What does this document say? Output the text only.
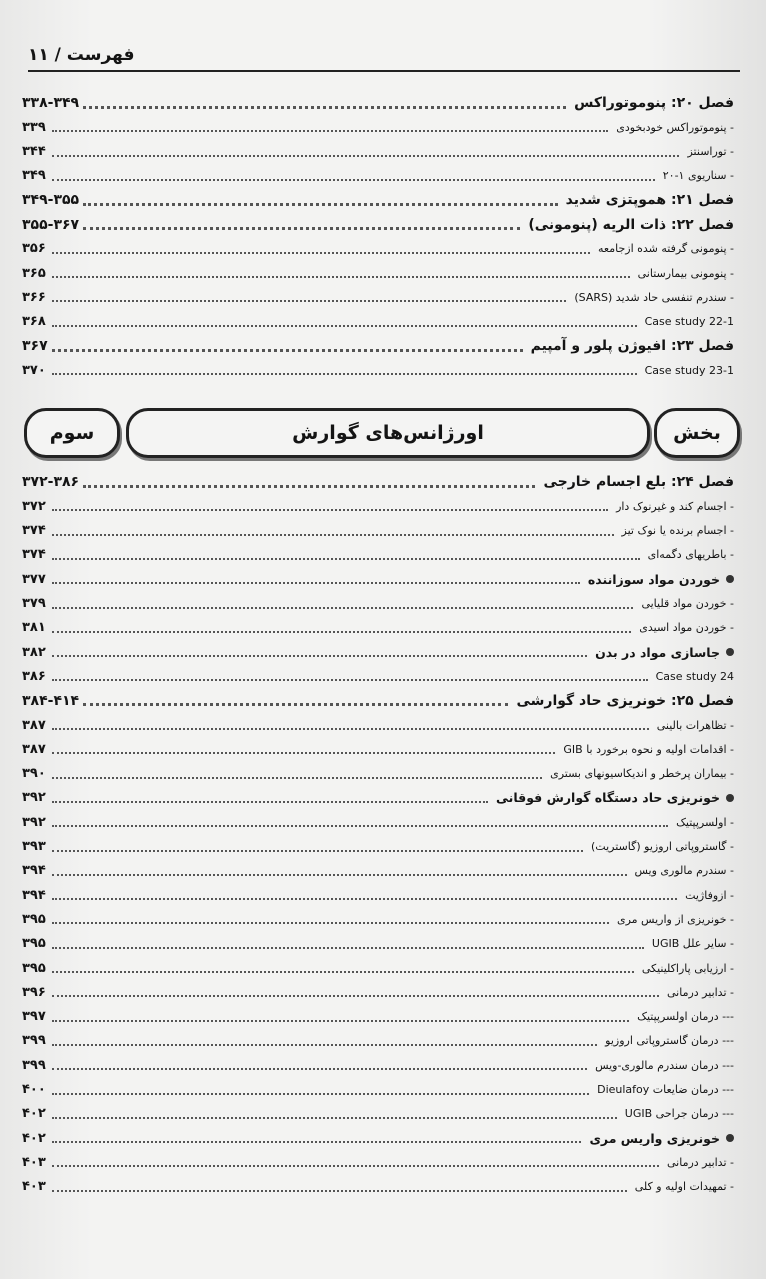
فهرست / ۱۱
فصل ۲۰: پنوموتوراکس
۳۳۸-۳۴۹
- پنوموتوراکس خودبخودی
۳۳۹
- توراسنتز
۳۴۴
- سناریوی ۱-۲۰
۳۴۹
فصل ۲۱: هموپتزی شدید
۳۴۹-۳۵۵
فصل ۲۲: ذات الریه (پنومونی)
۳۵۵-۳۶۷
- پنومونی گرفته شده ازجامعه
۳۵۶
- پنومونی بیمارستانی
۳۶۵
- سندرم تنفسی حاد شدید (SARS)
۳۶۶
Case study 22-1
۳۶۸
فصل ۲۳: افیوژن پلور و آمپیم
۳۶۷
Case study 23-1
۳۷۰
بخش
اورژانس‌های گوارش
سوم
فصل ۲۴: بلع اجسام خارجی
۳۷۲-۳۸۶
- اجسام کند و غیرنوک دار
۳۷۲
- اجسام برنده یا نوک تیز
۳۷۴
- باطریهای دگمه‌ای
۳۷۴
خوردن مواد سوزاننده
۳۷۷
- خوردن مواد قلیایی
۳۷۹
- خوردن مواد اسیدی
۳۸۱
جاسازی مواد در بدن
۳۸۲
Case study 24
۳۸۶
فصل ۲۵: خونریزی حاد گوارشی
۳۸۴-۴۱۴
- تظاهرات بالینی
۳۸۷
- اقدامات اولیه و نحوه برخورد با GIB
۳۸۷
- بیماران پرخطر و اندیکاسیونهای بستری
۳۹۰
خونریزی حاد دستگاه گوارش فوقانی
۳۹۲
- اولسرپپتیک
۳۹۲
- گاستروپاتی اروزیو (گاستریت)
۳۹۳
- سندرم مالوری ویس
۳۹۴
- ازوفاژیت
۳۹۴
- خونریزی از واریس مری
۳۹۵
- سایر علل UGIB
۳۹۵
- ارزیابی پاراکلینیکی
۳۹۵
- تدابیر درمانی
۳۹۶
--- درمان اولسرپپتیک
۳۹۷
--- درمان گاستروپاتی اروزیو
۳۹۹
--- درمان سندرم مالوری-ویس
۳۹۹
--- درمان ضایعات Dieulafoy
۴۰۰
--- درمان جراحی UGIB
۴۰۲
خونریزی واریس مری
۴۰۲
- تدابیر درمانی
۴۰۳
- تمهیدات اولیه و کلی
۴۰۳
